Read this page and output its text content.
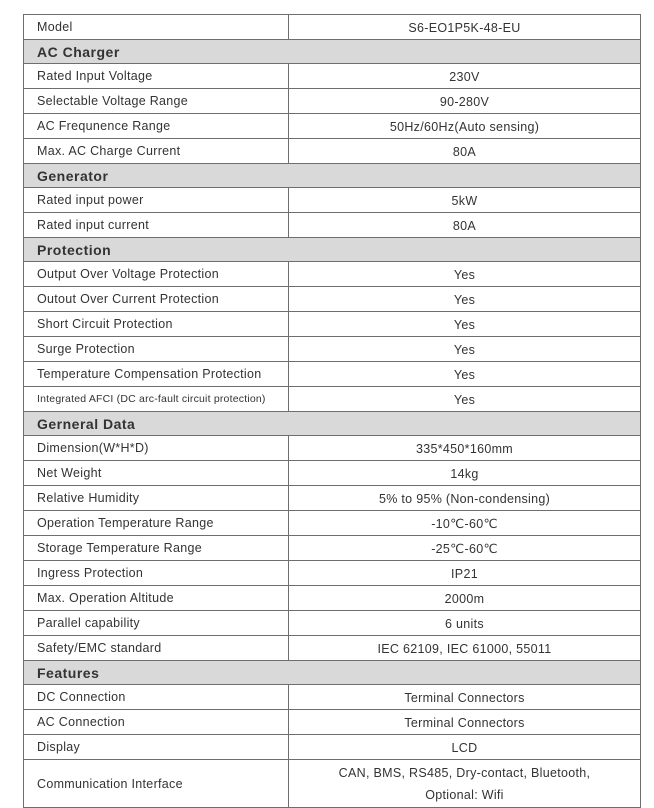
Model	S6-EO1P5K-48-EU
AC Charger	
Rated Input Voltage	230V
Selectable Voltage Range	90-280V
AC Frequnence Range	50Hz/60Hz(Auto sensing)
Max. AC Charge Current	80A
Generator	
Rated input power	5kW
Rated input current	80A
Protection	
Output Over Voltage Protection	Yes
Outout Over Current Protection	Yes
Short Circuit Protection	Yes
Surge Protection	Yes
Temperature Compensation Protection	Yes
Integrated AFCI (DC arc-fault circuit protection)	Yes
Gerneral Data	
Dimension(W*H*D)	335*450*160mm
Net Weight	14kg
Relative Humidity	5% to 95% (Non-condensing)
Operation Temperature Range	-10℃-60℃
Storage Temperature Range	-25℃-60℃
Ingress Protection	IP21
Max. Operation Altitude	2000m
Parallel capability	6 units
Safety/EMC standard	IEC 62109, IEC 61000, 55011
Features	
DC Connection	Terminal Connectors
AC Connection	Terminal Connectors
Display	LCD
Communication Interface	CAN, BMS, RS485, Dry-contact, Bluetooth,
Optional: Wifi
